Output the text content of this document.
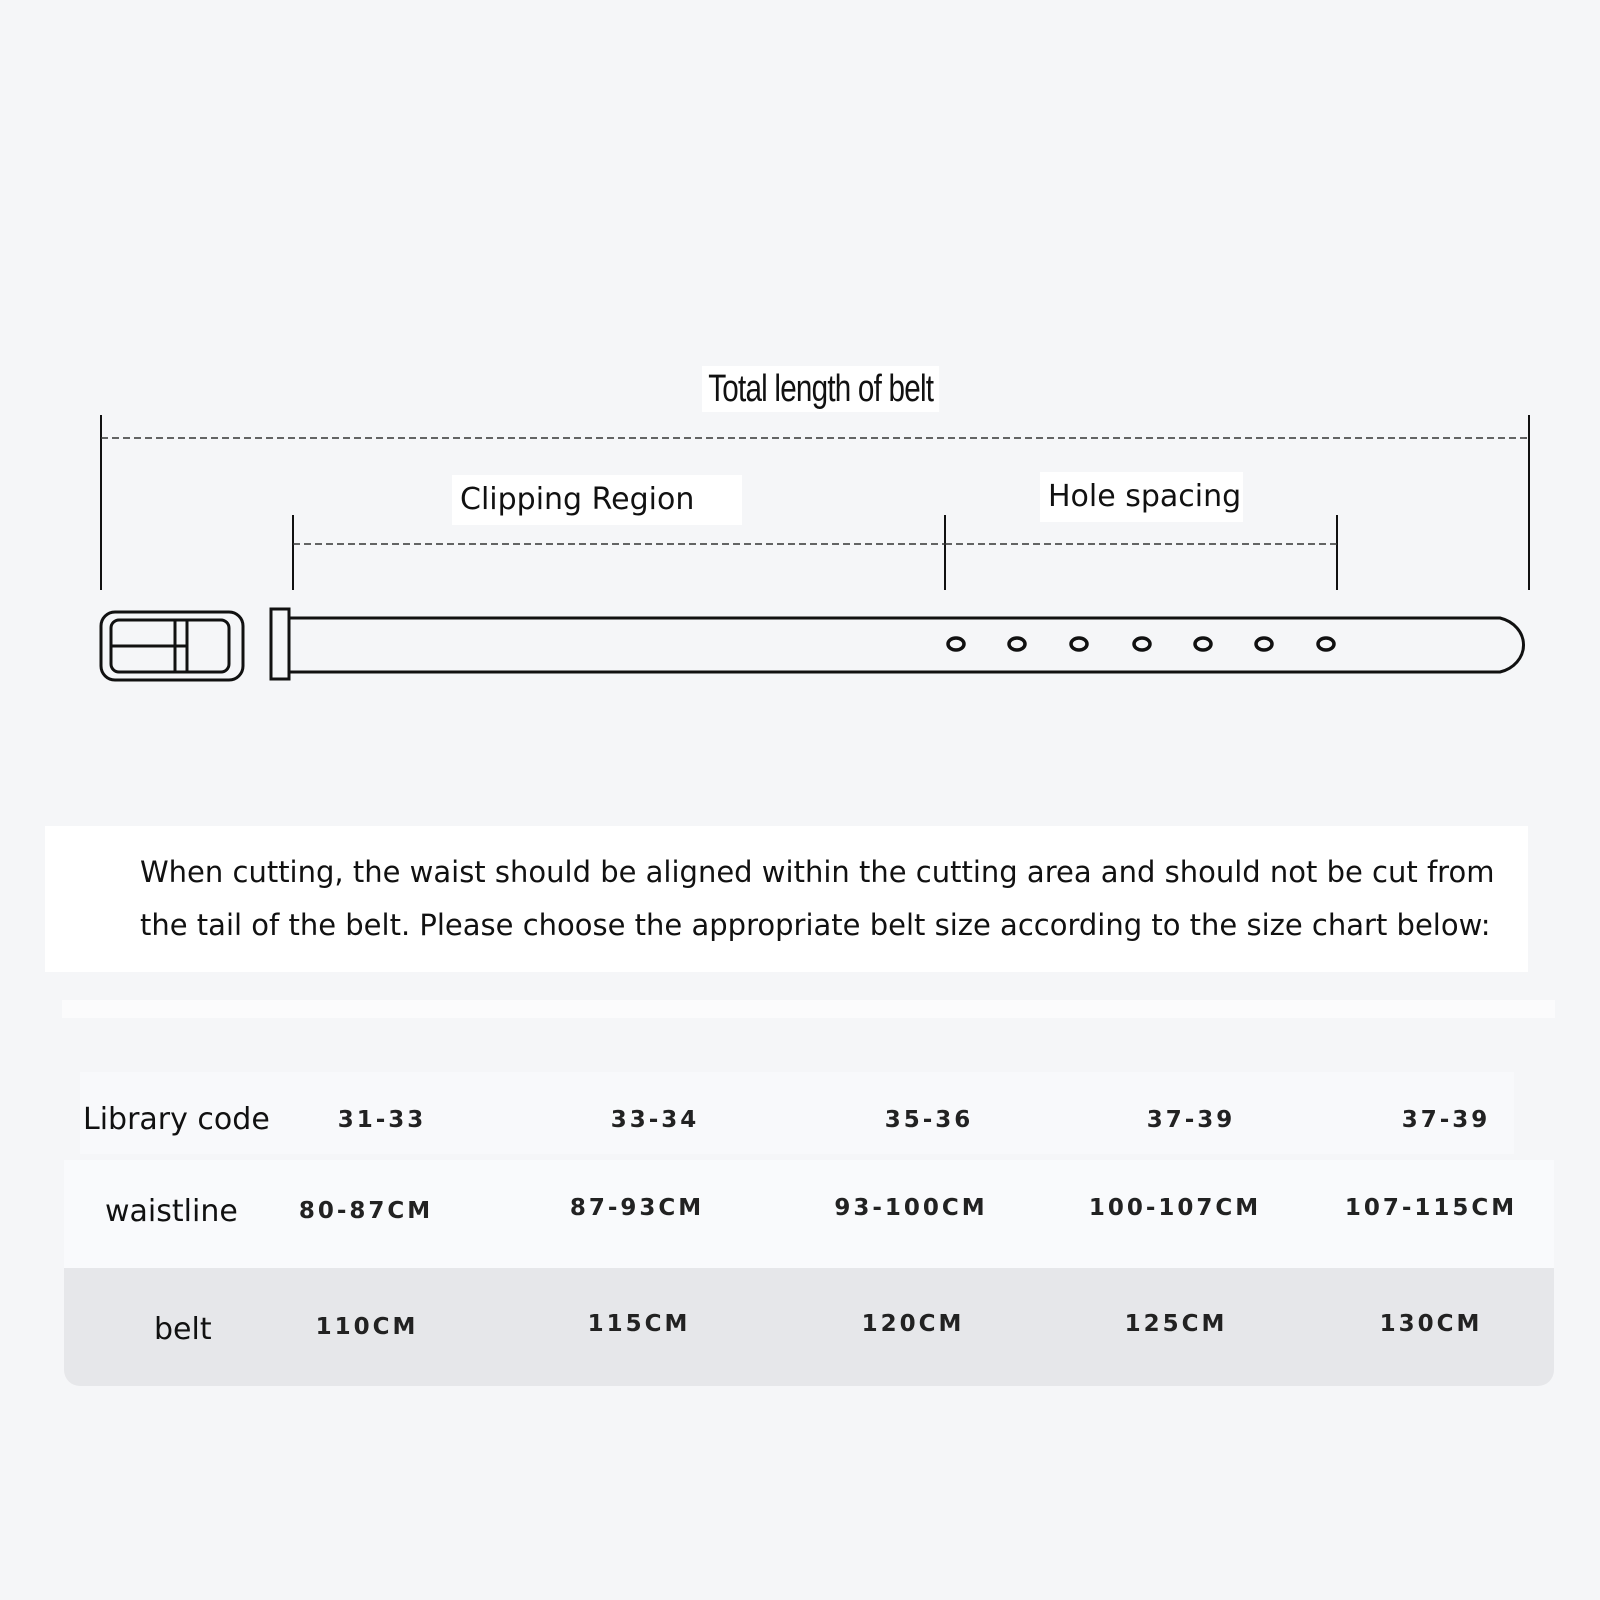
Total length of belt
Clipping Region	Hole spacing

When cutting, the waist should be aligned within the cutting area and should not be cut from the tail of the belt. Please choose the appropriate belt size according to the size chart below:

Library code	31-33	33-34	35-36	37-39	37-39
waistline	80-87CM	87-93CM	93-100CM	100-107CM	107-115CM
belt	110CM	115CM	120CM	125CM	130CM
